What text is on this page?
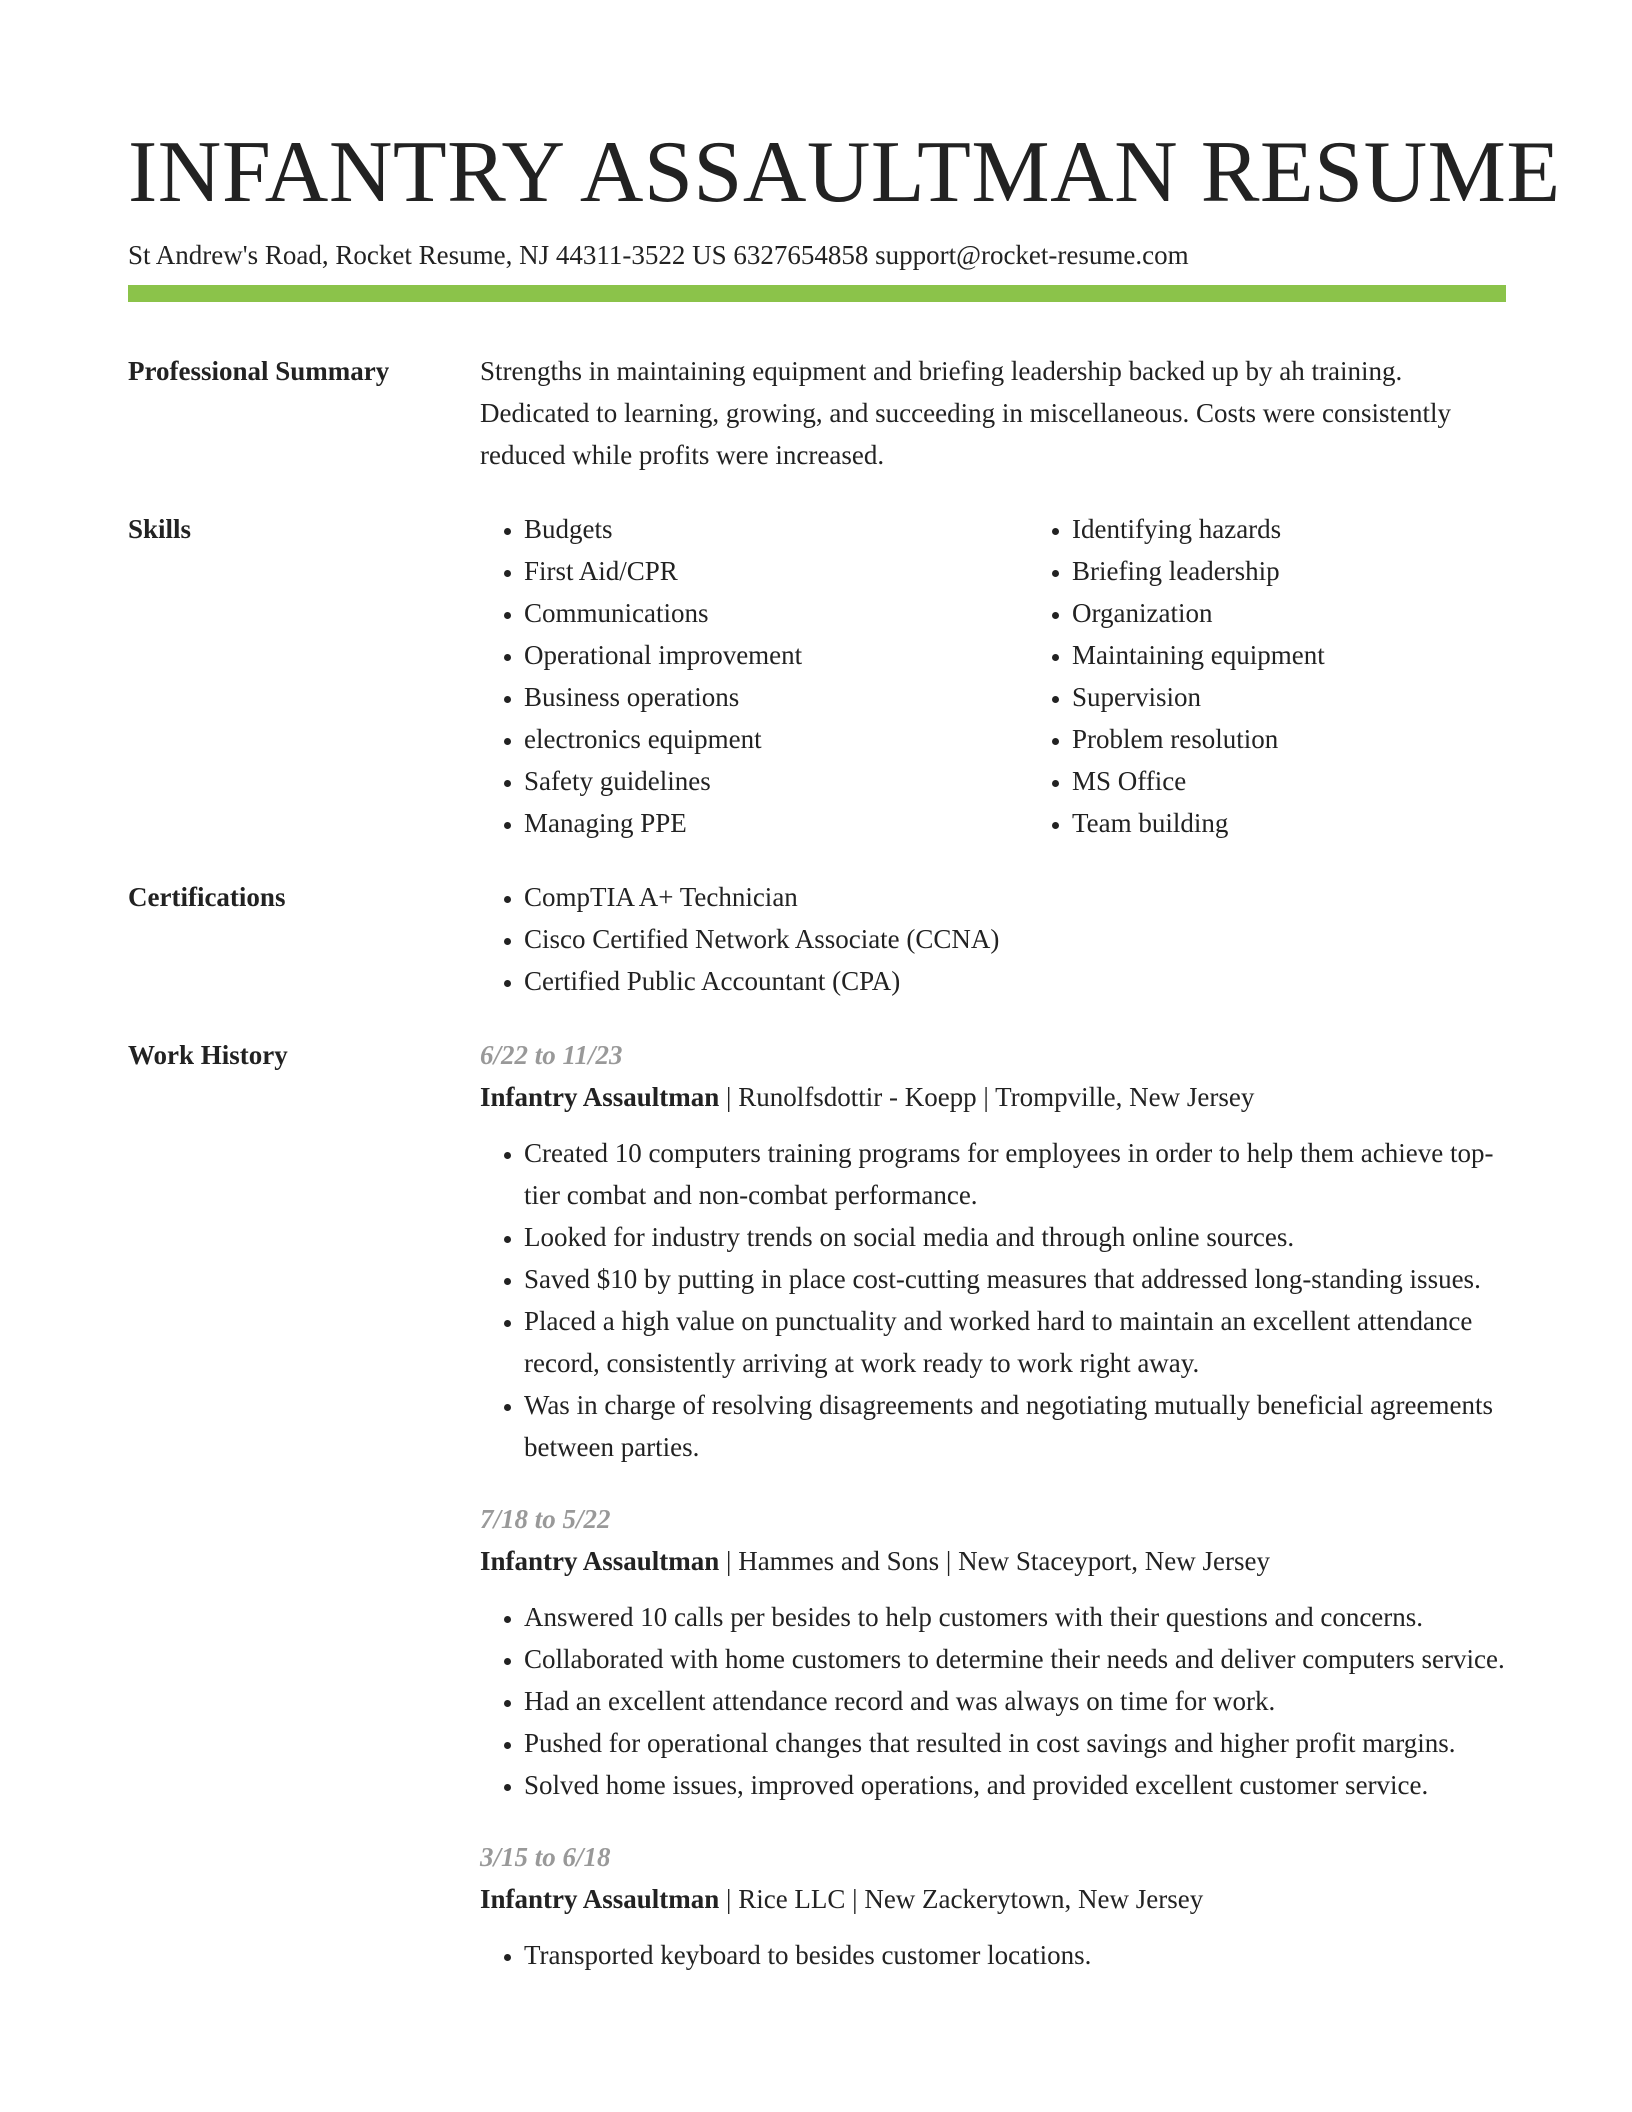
INFANTRY ASSAULTMAN RESUME
St Andrew's Road, Rocket Resume, NJ 44311-3522 US 6327654858 support@rocket-resume.com
Professional Summary	Strengths in maintaining equipment and briefing leadership backed up by ah training. Dedicated to learning, growing, and succeeding in miscellaneous. Costs were consistently reduced while profits were increased.

Skills	• Budgets
• First Aid/CPR
• Communications
• Operational improvement
• Business operations
• electronics equipment
• Safety guidelines
• Managing PPE
• Identifying hazards
• Briefing leadership
• Organization
• Maintaining equipment
• Supervision
• Problem resolution
• MS Office
• Team building
Certifications	• CompTIA A+ Technician
• Cisco Certified Network Associate (CCNA)
• Certified Public Accountant (CPA)
Work History	6/22 to 11/23
Infantry Assaultman | Runolfsdottir - Koepp | Trompville, New Jersey
• Created 10 computers training programs for employees in order to help them achieve top-tier combat and non-combat performance.
• Looked for industry trends on social media and through online sources.
• Saved $10 by putting in place cost-cutting measures that addressed long-standing issues.
• Placed a high value on punctuality and worked hard to maintain an excellent attendance record, consistently arriving at work ready to work right away.
• Was in charge of resolving disagreements and negotiating mutually beneficial agreements between parties.
7/18 to 5/22
Infantry Assaultman | Hammes and Sons | New Staceyport, New Jersey
• Answered 10 calls per besides to help customers with their questions and concerns.
• Collaborated with home customers to determine their needs and deliver computers service.
• Had an excellent attendance record and was always on time for work.
• Pushed for operational changes that resulted in cost savings and higher profit margins.
• Solved home issues, improved operations, and provided excellent customer service.
3/15 to 6/18
Infantry Assaultman | Rice LLC | New Zackerytown, New Jersey
• Transported keyboard to besides customer locations.
